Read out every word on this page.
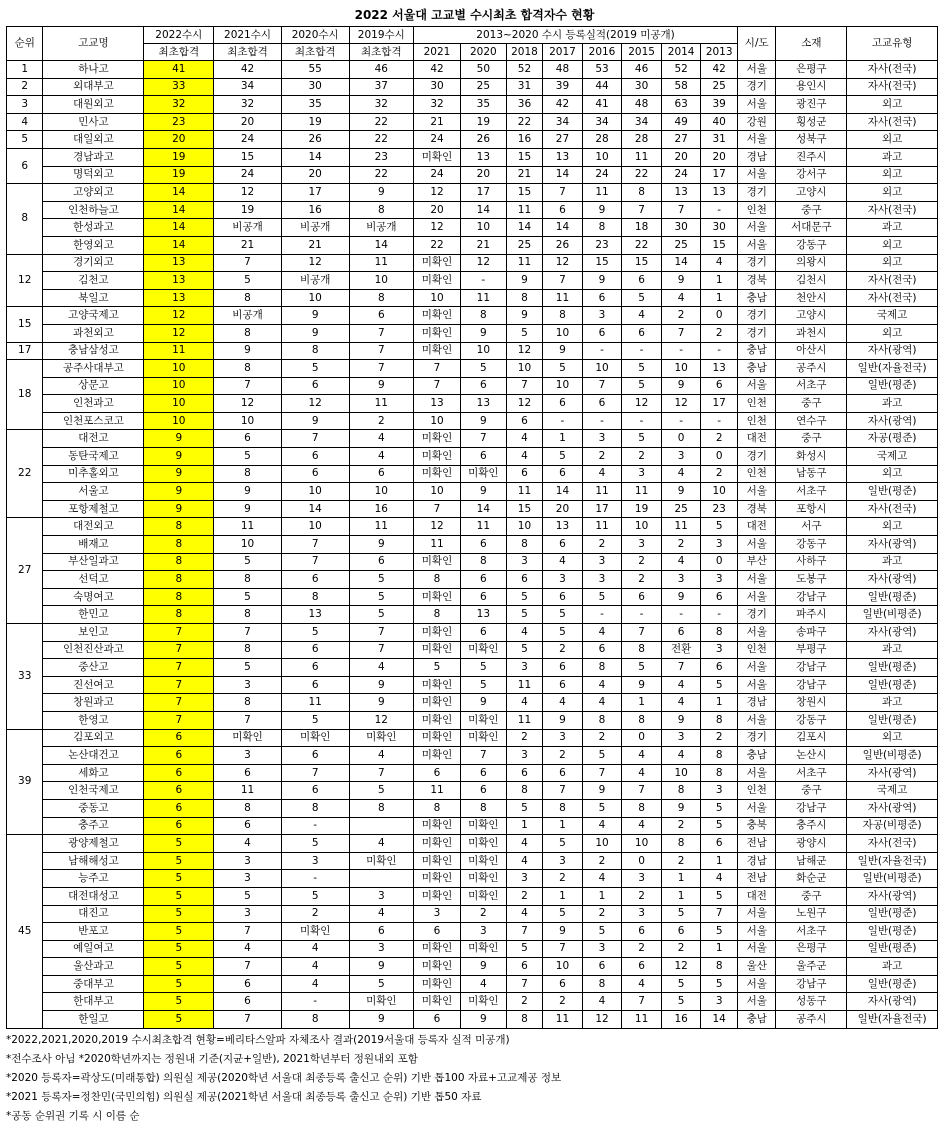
2022 서울대 고교별 수시최초 합격자수 현황
순위	고교명	2022수시	2021수시	2020수시	2019수시	2013~2020 수시 등록실적(2019 미공개)								시/도	소재	고교유형
		최초합격	최초합격	최초합격	최초합격	2021	2020	2018	2017	2016	2015	2014	2013			
1	하나고	41	42	55	46	42	50	52	48	53	46	52	42	서울	은평구	자사(전국)
2	외대부고	33	34	30	37	30	25	31	39	44	30	58	25	경기	용인시	자사(전국)
3	대원외고	32	32	35	32	32	35	36	42	41	48	63	39	서울	광진구	외고
4	민사고	23	20	19	22	21	19	22	34	34	34	49	40	강원	횡성군	자사(전국)
5	대일외고	20	24	26	22	24	26	16	27	28	28	27	31	서울	성북구	외고
6	경남과고	19	15	14	23	미확인	13	15	13	10	11	20	20	경남	진주시	과고
	명덕외고	19	24	20	22	24	20	21	14	24	22	24	17	서울	강서구	외고
8	고양외고	14	12	17	9	12	17	15	7	11	8	13	13	경기	고양시	외고
	인천하늘고	14	19	16	8	20	14	11	6	9	7	7	-	인천	중구	자사(전국)
	한성과고	14	비공개	비공개	비공개	12	10	14	14	8	18	30	30	서울	서대문구	과고
	한영외고	14	21	21	14	22	21	25	26	23	22	25	15	서울	강동구	외고
12	경기외고	13	7	12	11	미확인	12	11	12	15	15	14	4	경기	의왕시	외고
	김천고	13	5	비공개	10	미확인	-	9	7	9	6	9	1	경북	김천시	자사(전국)
	북일고	13	8	10	8	10	11	8	11	6	5	4	1	충남	천안시	자사(전국)
15	고양국제고	12	비공개	9	6	미확인	8	9	8	3	4	2	0	경기	고양시	국제고
	과천외고	12	8	9	7	미확인	9	5	10	6	6	7	2	경기	과천시	외고
17	충남삼성고	11	9	8	7	미확인	10	12	9	-	-	-	-	충남	아산시	자사(광역)
18	공주사대부고	10	8	5	7	7	5	10	5	10	5	10	13	충남	공주시	일반(자율전국)
	상문고	10	7	6	9	7	6	7	10	7	5	9	6	서울	서초구	일반(평준)
	인천과고	10	12	12	11	13	13	12	6	6	12	12	17	인천	중구	과고
	인천포스코고	10	10	9	2	10	9	6	-	-	-	-	-	인천	연수구	자사(광역)
22	대전고	9	6	7	4	미확인	7	4	1	3	5	0	2	대전	중구	자공(평준)
	동탄국제고	9	5	6	4	미확인	6	4	5	2	2	3	0	경기	화성시	국제고
	미추홀외고	9	8	6	6	미확인	미확인	6	6	4	3	4	2	인천	남동구	외고
	서울고	9	9	10	10	10	9	11	14	11	11	9	10	서울	서초구	일반(평준)
	포항제철고	9	9	14	16	7	14	15	20	17	19	25	23	경북	포항시	자사(전국)
27	대전외고	8	11	10	11	12	11	10	13	11	10	11	5	대전	서구	외고
	배재고	8	10	7	9	11	6	8	6	2	3	2	3	서울	강동구	자사(광역)
	부산일과고	8	5	7	6	미확인	8	3	4	3	2	4	0	부산	사하구	과고
	선덕고	8	8	6	5	8	6	6	3	3	2	3	3	서울	도봉구	자사(광역)
	숙명여고	8	5	8	5	미확인	6	5	6	5	6	9	6	서울	강남구	일반(평준)
	한민고	8	8	13	5	8	13	5	5	-	-	-	-	경기	파주시	일반(비평준)
33	보인고	7	7	5	7	미확인	6	4	5	4	7	6	8	서울	송파구	자사(광역)
	인천진산과고	7	8	6	7	미확인	미확인	5	2	6	8	전환	3	인천	부평구	과고
	중산고	7	5	6	4	5	5	3	6	8	5	7	6	서울	강남구	일반(평준)
	진선여고	7	3	6	9	미확인	5	11	6	4	9	4	5	서울	강남구	일반(평준)
	창원과고	7	8	11	9	미확인	9	4	4	4	1	4	1	경남	창원시	과고
	한영고	7	7	5	12	미확인	미확인	11	9	8	8	9	8	서울	강동구	일반(평준)
39	김포외고	6	미확인	미확인	미확인	미확인	미확인	2	3	2	0	3	2	경기	김포시	외고
	논산대건고	6	3	6	4	미확인	7	3	2	5	4	4	8	충남	논산시	일반(비평준)
	세화고	6	6	7	7	6	6	6	6	7	4	10	8	서울	서초구	자사(광역)
	인천국제고	6	11	6	5	11	6	8	7	9	7	8	3	인천	중구	국제고
	중동고	6	8	8	8	8	8	5	8	5	8	9	5	서울	강남구	자사(광역)
	충주고	6	6	-		미확인	미확인	1	1	4	4	2	5	충북	충주시	자공(비평준)
45	광양제철고	5	4	5	4	미확인	미확인	4	5	10	10	8	6	전남	광양시	자사(전국)
	남해해성고	5	3	3	미확인	미확인	미확인	4	3	2	0	2	1	경남	남해군	일반(자율전국)
	능주고	5	3	-		미확인	미확인	3	2	4	3	1	4	전남	화순군	일반(비평준)
	대전대성고	5	5	5	3	미확인	미확인	2	1	1	2	1	5	대전	중구	자사(광역)
	대진고	5	3	2	4	3	2	4	5	2	3	5	7	서울	노원구	일반(평준)
	반포고	5	7	미확인	6	6	3	7	9	5	6	6	5	서울	서초구	일반(평준)
	예일여고	5	4	4	3	미확인	미확인	5	7	3	2	2	1	서울	은평구	일반(평준)
	울산과고	5	7	4	9	미확인	9	6	10	6	6	12	8	울산	울주군	과고
	중대부고	5	6	4	5	미확인	4	7	6	8	4	5	5	서울	강남구	일반(평준)
	한대부고	5	6	-	미확인	미확인	미확인	2	2	4	7	5	3	서울	성동구	자사(광역)
	한일고	5	7	8	9	6	9	8	11	12	11	16	14	충남	공주시	일반(자율전국)
*2022,2021,2020,2019 수시최초합격 현황=베리타스알파 자체조사 결과(2019서울대 등록자 실적 미공개)
*전수조사 아님 *2020학년까지는 정원내 기준(지균+일반), 2021학년부터 정원내외 포함
*2020 등록자=곽상도(미래통합) 의원실 제공(2020학년 서울대 최종등록 출신고 순위) 기반 톱100 자료+고교제공 정보
*2021 등록자=정찬민(국민의힘) 의원실 제공(2021학년 서울대 최종등록 출신고 순위) 기반 톱50 자료
*공동 순위권 기록 시 이름 순
